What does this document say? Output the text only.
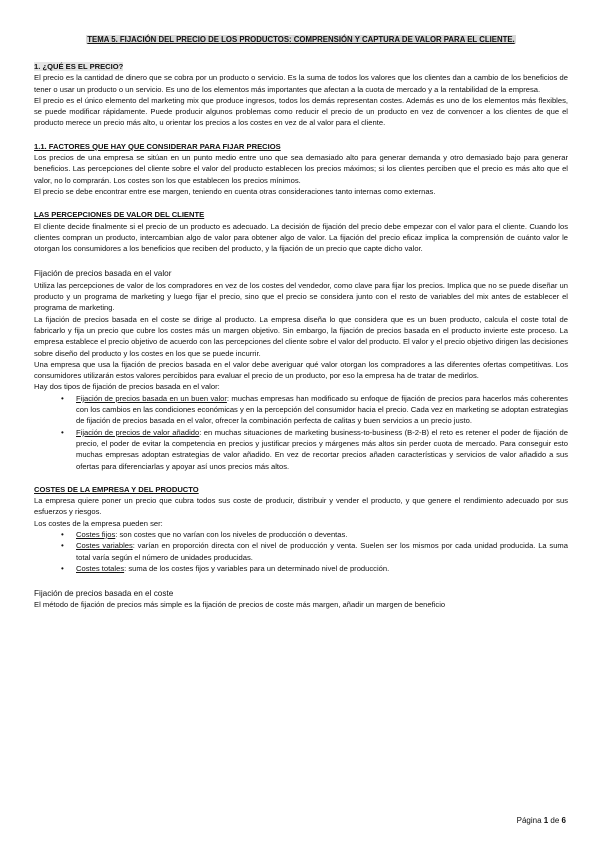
TEMA 5. FIJACIÓN DEL PRECIO DE LOS PRODUCTOS: COMPRENSIÓN Y CAPTURA DE VALOR PARA EL CLIENTE.

1. ¿QUÉ ES EL PRECIO?

El precio es la cantidad de dinero que se cobra por un producto o servicio. Es la suma de todos los valores que los clientes dan a cambio de los beneficios de tener o usar un producto o un servicio. Es uno de los elementos más importantes que afectan a la cuota de mercado y a la rentabilidad de la empresa.

El precio es el único elemento del marketing mix que produce ingresos, todos los demás representan costes. Además es uno de los elementos más flexibles, se puede modificar rápidamente. Puede producir algunos problemas como reducir el precio de un producto en vez de convencer a los clientes de que el producto merece un precio más alto, u orientar los precios a los costes en vez de al valor para el cliente.

1.1. FACTORES QUE HAY QUE CONSIDERAR PARA FIJAR PRECIOS

Los precios de una empresa se sitúan en un punto medio entre uno que sea demasiado alto para generar demanda y otro demasiado bajo para generar beneficios. Las percepciones del cliente sobre el valor del producto establecen los precios máximos; si los clientes perciben que el precio es más alto que el valor, no lo comprarán. Los costes son los que establecen los precios mínimos.

El precio se debe encontrar entre ese margen, teniendo en cuenta otras consideraciones tanto internas como externas.

LAS PERCEPCIONES DE VALOR DEL CLIENTE

El cliente decide finalmente si el precio de un producto es adecuado. La decisión de fijación del precio debe empezar con el valor para el cliente. Cuando los clientes compran un producto, intercambian algo de valor para obtener algo de valor. La fijación del precio eficaz implica la comprensión de cuánto valor le otorgan los consumidores a los beneficios que reciben del producto, y la fijación de un precio que capte dicho valor.

Fijación de precios basada en el valor

Utiliza las percepciones de valor de los compradores en vez de los costes del vendedor, como clave para fijar los precios. Implica que no se puede diseñar un producto y un programa de marketing y luego fijar el precio, sino que el precio se considera junto con el resto de variables del mix antes de establecer el programa de marketing.

La fijación de precios basada en el coste se dirige al producto. La empresa diseña lo que considera que es un buen producto, calcula el coste total de fabricarlo y fija un precio que cubre los costes más un margen objetivo. Sin embargo, la fijación de precios basada en el producto invierte este proceso. La empresa establece el precio objetivo de acuerdo con las percepciones del cliente sobre el valor del producto. El valor y el precio objetivo dirigen las decisiones sobre diseño del producto y los costes en los que se puede incurrir.

Una empresa que usa la fijación de precios basada en el valor debe averiguar qué valor otorgan los compradores a las diferentes ofertas competitivas. Los consumidores utilizarán estos valores percibidos para evaluar el precio de un producto, por eso la empresa ha de tratar de medirlos.

Hay dos tipos de fijación de precios basada en el valor:

• Fijación de precios basada en un buen valor: muchas empresas han modificado su enfoque de fijación de precios para hacerlos más coherentes con los cambios en las condiciones económicas y en la percepción del consumidor hacia el precio. Cada vez en marketing se adoptan estrategias de fijación de precios basada en el valor, ofrecer la combinación perfecta de calitas y buen servicios a un precio justo.
• Fijación de precios de valor añadido: en muchas situaciones de marketing business-to-business (B-2-B) el reto es retener el poder de fijación de precio, el poder de evitar la competencia en precios y justificar precios y márgenes más altos sin perder cuota de mercado. Para conseguir esto muchas empresas adoptan estrategias de valor añadido. En vez de recortar precios añaden características y servicios de valor añadido a sus ofertas para diferenciarlas y apoyar así unos precios más altos.

COSTES DE LA EMPRESA Y DEL PRODUCTO

La empresa quiere poner un precio que cubra todos sus coste de producir, distribuir y vender el producto, y que genere el rendimiento adecuado por sus esfuerzos y riesgos.

Los costes de la empresa pueden ser:

• Costes fijos: son costes que no varían con los niveles de producción o deventas.
• Costes variables: varían en proporción directa con el nivel de producción y venta. Suelen ser los mismos por cada unidad producida. La suma total varía según el número de unidades producidas.
• Costes totales: suma de los costes fijos y variables para un determinado nivel de producción.

Fijación de precios basada en el coste

El método de fijación de precios más simple es la fijación de precios de coste más margen, añadir un margen de beneficio

Página 1 de 6
